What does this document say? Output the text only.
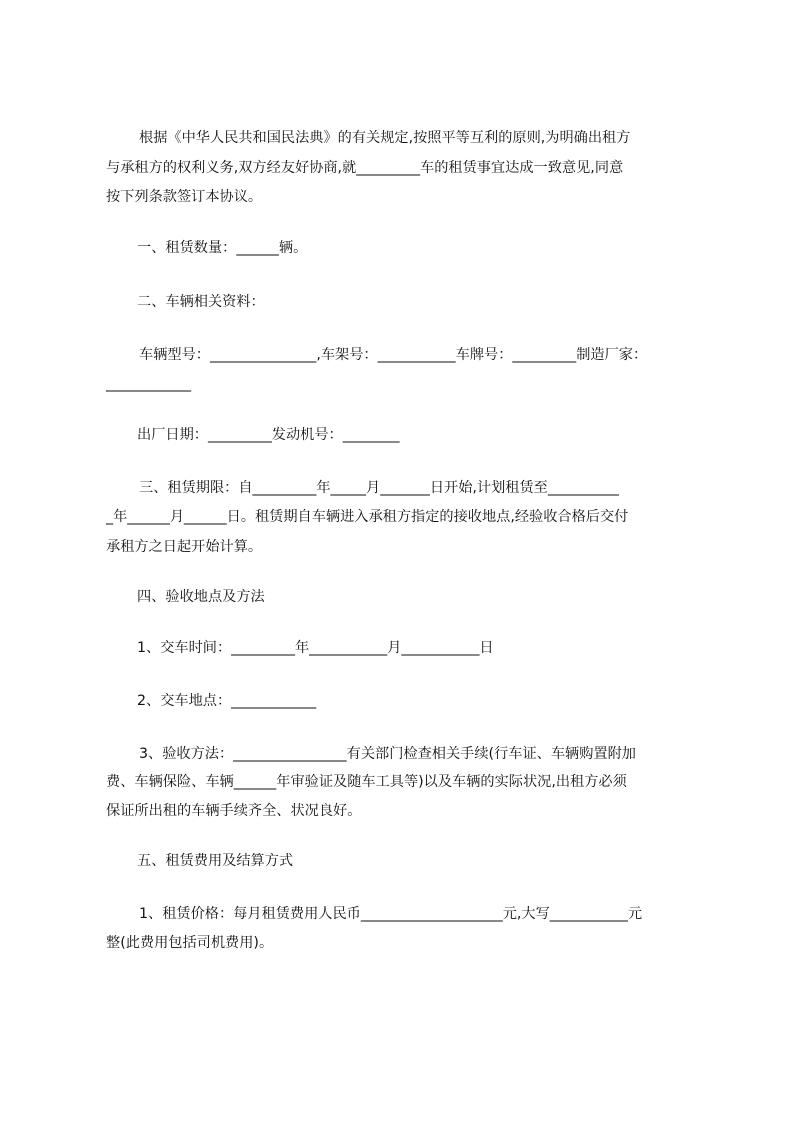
根据《中华人民共和国民法典》的有关规定,按照平等互利的原则,为明确出租方
与承租方的权利义务,双方经友好协商,就_________车的租赁事宜达成一致意见,同意
按下列条款签订本协议。
一、租赁数量：______辆。
二、车辆相关资料：
车辆型号：_______________,车架号：___________车牌号：_________制造厂家：
____________
出厂日期：_________发动机号：________
三、租赁期限：自_________年_____月_______日开始,计划租赁至__________
_年______月______日。租赁期自车辆进入承租方指定的接收地点,经验收合格后交付
承租方之日起开始计算。
四、验收地点及方法
1、交车时间：_________年___________月___________日
2、交车地点：____________
3、验收方法：________________有关部门检查相关手续(行车证、车辆购置附加
费、车辆保险、车辆______年审验证及随车工具等)以及车辆的实际状况,出租方必须
保证所出租的车辆手续齐全、状况良好。
五、租赁费用及结算方式
1、租赁价格：每月租赁费用人民币____________________元,大写___________元
整(此费用包括司机费用)。
